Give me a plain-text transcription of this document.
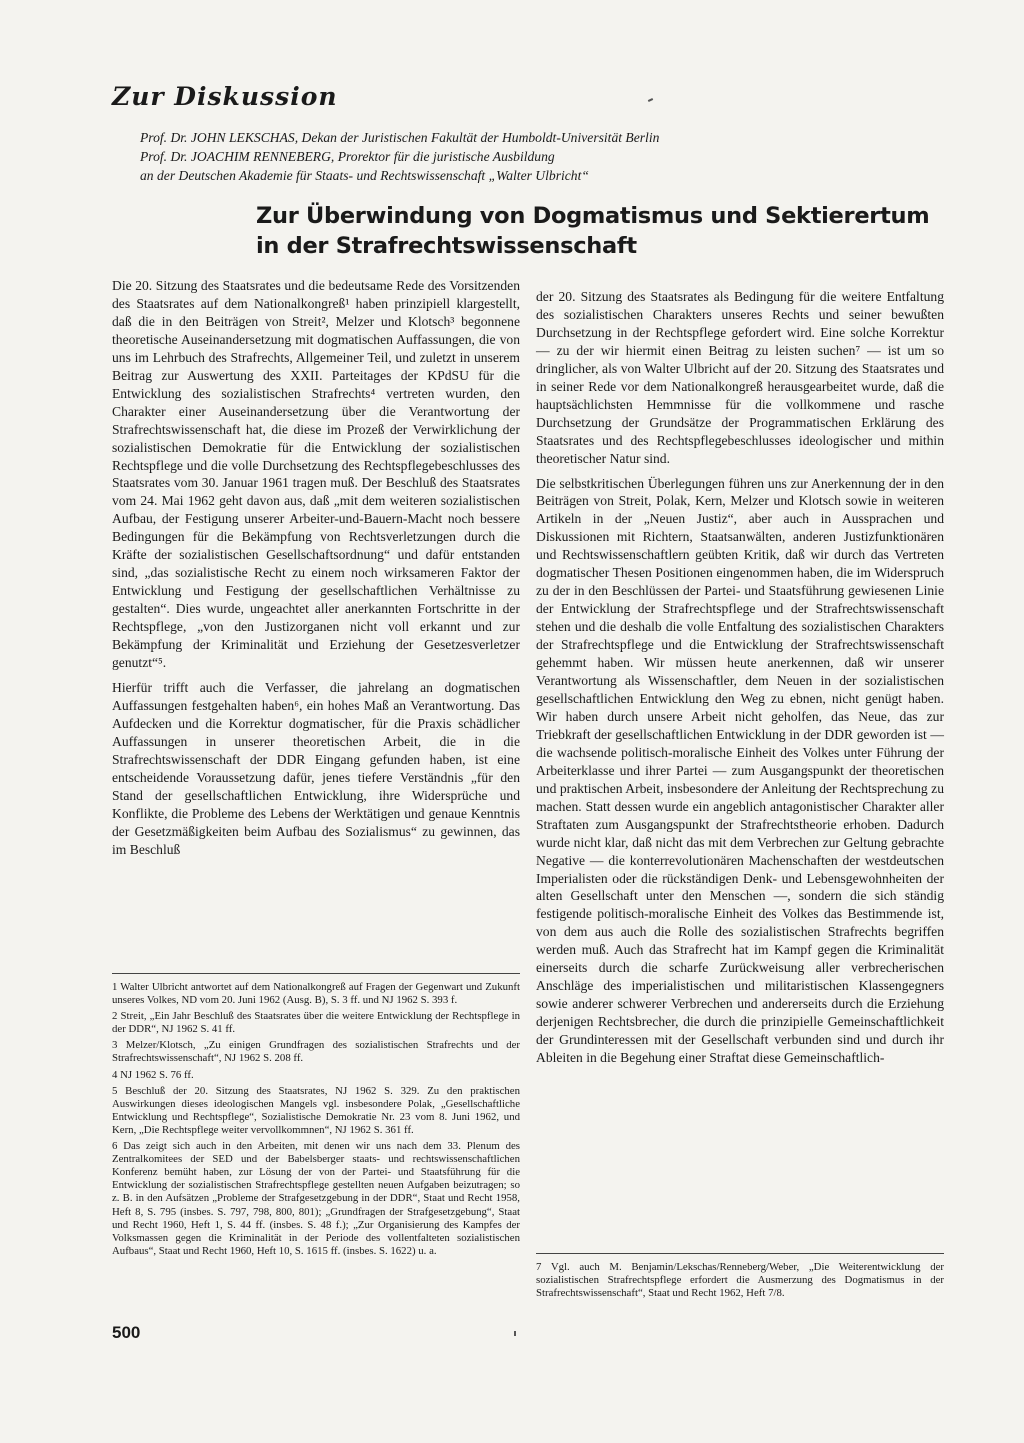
Zur Diskussion
Prof. Dr. JOHN LEKSCHAS, Dekan der Juristischen Fakultät der Humboldt-Universität Berlin
Prof. Dr. JOACHIM RENNEBERG, Prorektor für die juristische Ausbildung
an der Deutschen Akademie für Staats- und Rechtswissenschaft „Walter Ulbricht“
Zur Überwindung von Dogmatismus und Sektierertum
in der Strafrechtswissenschaft

Die 20. Sitzung des Staatsrates und die bedeutsame Rede des Vorsitzenden des Staatsrates auf dem Nationalkongreß¹ haben prinzipiell klargestellt, daß die in den Beiträgen von Streit², Melzer und Klotsch³ begonnene theoretische Auseinandersetzung mit dogmatischen Auffassungen, die von uns im Lehrbuch des Strafrechts, Allgemeiner Teil, und zuletzt in unserem Beitrag zur Auswertung des XXII. Parteitages der KPdSU für die Entwicklung des sozialistischen Strafrechts⁴ vertreten wurden, den Charakter einer Auseinandersetzung über die Verantwortung der Strafrechtswissenschaft hat, die diese im Prozeß der Verwirklichung der sozialistischen Demokratie für die Entwicklung der sozialistischen Rechtspflege und die volle Durchsetzung des Rechtspflegebeschlusses des Staatsrates vom 30. Januar 1961 tragen muß. Der Beschluß des Staatsrates vom 24. Mai 1962 geht davon aus, daß „mit dem weiteren sozialistischen Aufbau, der Festigung unserer Arbeiter-und-Bauern-Macht noch bessere Bedingungen für die Bekämpfung von Rechtsverletzungen durch die Kräfte der sozialistischen Gesellschaftsordnung“ und dafür entstanden sind, „das sozialistische Recht zu einem noch wirksameren Faktor der Entwicklung und Festigung der gesellschaftlichen Verhältnisse zu gestalten“. Dies wurde, ungeachtet aller anerkannten Fortschritte in der Rechtspflege, „von den Justizorganen nicht voll erkannt und zur Bekämpfung der Kriminalität und Erziehung der Gesetzesverletzer genutzt“⁵.

Hierfür trifft auch die Verfasser, die jahrelang an dogmatischen Auffassungen festgehalten haben⁶, ein hohes Maß an Verantwortung. Das Aufdecken und die Korrektur dogmatischer, für die Praxis schädlicher Auffassungen in unserer theoretischen Arbeit, die in die Strafrechtswissenschaft der DDR Eingang gefunden haben, ist eine entscheidende Voraussetzung dafür, jenes tiefere Verständnis „für den Stand der gesellschaftlichen Entwicklung, ihre Widersprüche und Konflikte, die Probleme des Lebens der Werktätigen und genaue Kenntnis der Gesetzmäßigkeiten beim Aufbau des Sozialismus“ zu gewinnen, das im Beschluß

der 20. Sitzung des Staatsrates als Bedingung für die weitere Entfaltung des sozialistischen Charakters unseres Rechts und seiner bewußten Durchsetzung in der Rechtspflege gefordert wird. Eine solche Korrektur — zu der wir hiermit einen Beitrag zu leisten suchen⁷ — ist um so dringlicher, als von Walter Ulbricht auf der 20. Sitzung des Staatsrates und in seiner Rede vor dem Nationalkongreß herausgearbeitet wurde, daß die hauptsächlichsten Hemmnisse für die vollkommene und rasche Durchsetzung der Grundsätze der Programmatischen Erklärung des Staatsrates und des Rechtspflegebeschlusses ideologischer und mithin theoretischer Natur sind.

Die selbstkritischen Überlegungen führen uns zur Anerkennung der in den Beiträgen von Streit, Polak, Kern, Melzer und Klotsch sowie in weiteren Artikeln in der „Neuen Justiz“, aber auch in Aussprachen und Diskussionen mit Richtern, Staatsanwälten, anderen Justizfunktionären und Rechtswissenschaftlern geübten Kritik, daß wir durch das Vertreten dogmatischer Thesen Positionen eingenommen haben, die im Widerspruch zu der in den Beschlüssen der Partei- und Staatsführung gewiesenen Linie der Entwicklung der Strafrechtspflege und der Strafrechtswissenschaft stehen und die deshalb die volle Entfaltung des sozialistischen Charakters der Strafrechtspflege und die Entwicklung der Strafrechtswissenschaft gehemmt haben. Wir müssen heute anerkennen, daß wir unserer Verantwortung als Wissenschaftler, dem Neuen in der sozialistischen gesellschaftlichen Entwicklung den Weg zu ebnen, nicht genügt haben. Wir haben durch unsere Arbeit nicht geholfen, das Neue, das zur Triebkraft der gesellschaftlichen Entwicklung in der DDR geworden ist — die wachsende politisch-moralische Einheit des Volkes unter Führung der Arbeiterklasse und ihrer Partei — zum Ausgangspunkt der theoretischen und praktischen Arbeit, insbesondere der Anleitung der Rechtsprechung zu machen. Statt dessen wurde ein angeblich antagonistischer Charakter aller Straftaten zum Ausgangspunkt der Strafrechtstheorie erhoben. Dadurch wurde nicht klar, daß nicht das mit dem Verbrechen zur Geltung gebrachte Negative — die konterrevolutionären Machenschaften der westdeutschen Imperialisten oder die rückständigen Denk- und Lebensgewohnheiten der alten Gesellschaft unter den Menschen —, sondern die sich ständig festigende politisch-moralische Einheit des Volkes das Bestimmende ist, von dem aus auch die Rolle des sozialistischen Strafrechts begriffen werden muß. Auch das Strafrecht hat im Kampf gegen die Kriminalität einerseits durch die scharfe Zurückweisung aller verbrecherischen Anschläge des imperialistischen und militaristischen Klassengegners sowie anderer schwerer Verbrechen und andererseits durch die Erziehung derjenigen Rechtsbrecher, die durch die prinzipielle Gemeinschaftlichkeit der Grundinteressen mit der Gesellschaft verbunden sind und durch ihr Ableiten in die Begehung einer Straftat diese Gemeinschaftlich-

1 Walter Ulbricht antwortet auf dem Nationalkongreß auf Fragen der Gegenwart und Zukunft unseres Volkes, ND vom 20. Juni 1962 (Ausg. B), S. 3 ff. und NJ 1962 S. 393 f.

2 Streit, „Ein Jahr Beschluß des Staatsrates über die weitere Entwicklung der Rechtspflege in der DDR“, NJ 1962 S. 41 ff.

3 Melzer/Klotsch, „Zu einigen Grundfragen des sozialistischen Strafrechts und der Strafrechtswissenschaft“, NJ 1962 S. 208 ff.

4 NJ 1962 S. 76 ff.

5 Beschluß der 20. Sitzung des Staatsrates, NJ 1962 S. 329. Zu den praktischen Auswirkungen dieses ideologischen Mangels vgl. insbesondere Polak, „Gesellschaftliche Entwicklung und Rechtspflege“, Sozialistische Demokratie Nr. 23 vom 8. Juni 1962, und Kern, „Die Rechtspflege weiter vervollkommnen“, NJ 1962 S. 361 ff.

6 Das zeigt sich auch in den Arbeiten, mit denen wir uns nach dem 33. Plenum des Zentralkomitees der SED und der Babelsberger staats- und rechtswissenschaftlichen Konferenz bemüht haben, zur Lösung der von der Partei- und Staatsführung für die Entwicklung der sozialistischen Strafrechtspflege gestellten neuen Aufgaben beizutragen; so z. B. in den Aufsätzen „Probleme der Strafgesetzgebung in der DDR“, Staat und Recht 1958, Heft 8, S. 795 (insbes. S. 797, 798, 800, 801); „Grundfragen der Strafgesetzgebung“, Staat und Recht 1960, Heft 1, S. 44 ff. (insbes. S. 48 f.); „Zur Organisierung des Kampfes der Volksmassen gegen die Kriminalität in der Periode des vollentfalteten sozialistischen Aufbaus“, Staat und Recht 1960, Heft 10, S. 1615 ff. (insbes. S. 1622) u. a.

7 Vgl. auch M. Benjamin/Lekschas/Renneberg/Weber, „Die Weiterentwicklung der sozialistischen Strafrechtspflege erfordert die Ausmerzung des Dogmatismus in der Strafrechtswissenschaft“, Staat und Recht 1962, Heft 7/8.

500
